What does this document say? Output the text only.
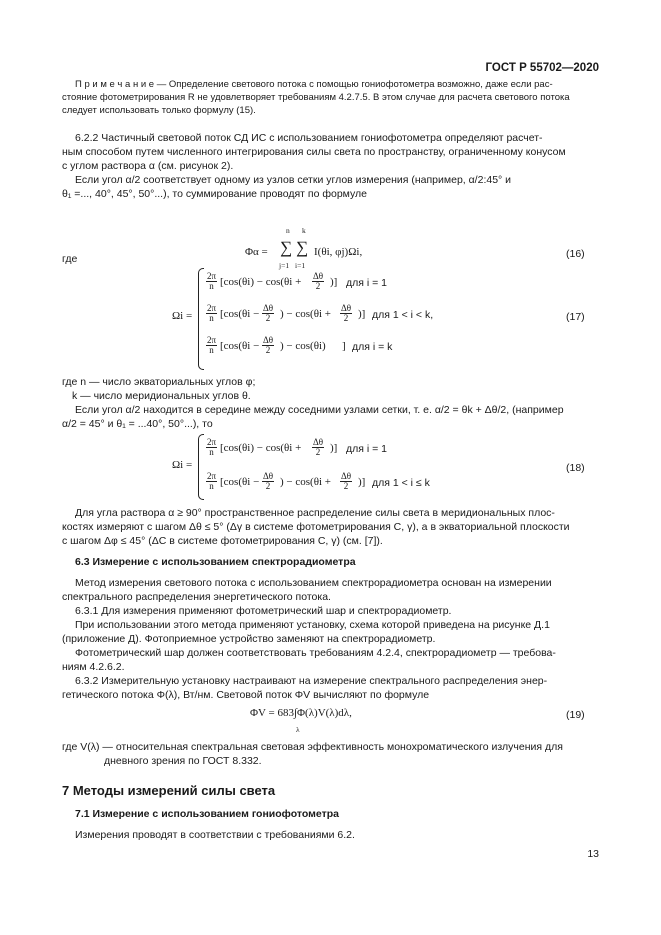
ГОСТ Р 55702—2020
П р и м е ч а н и е — Определение светового потока с помощью гониофотометра возможно, даже если рас-
стояние фотометрирования R не удовлетворяет требованиям 4.2.7.5. В этом случае для расчета светового потока
следует использовать только формулу (15).
6.2.2 Частичный световой поток СД ИС с использованием гониофотометра определяют расчет-
ным способом путем численного интегрирования силы света по пространству, ограниченному конусом
с углом раствора α (см. рисунок 2).
Если угол α/2 соответствует одному из узлов сетки углов измерения (например, α/2:45° и
θ₁ =..., 40°, 45°, 50°...), то суммирование проводят по формуле
Φα =
n
∑
j=1
k
∑
i=1
I(θi, φj)Ωi,	(16)
где
Ωi =
2π
n [cos(θi) − cos(θi + Δθ
2 )] для i = 1
2π
n [cos(θi − Δθ
2 ) − cos(θi + Δθ
2 )] для 1 < i < k,
2π
n [cos(θi − Δθ
2 ) − cos(θi) ] для i = k
(17)
где n — число экваториальных углов φ;
k — число меридиональных углов θ.
Если угол α/2 находится в середине между соседними узлами сетки, т. е. α/2 = θk + Δθ/2, (например
α/2 = 45° и θ₁ = ...40°, 50°...), то
Ωi =
2π
n [cos(θi) − cos(θi + Δθ
2 )] для i = 1
2π
n [cos(θi − Δθ
2 ) − cos(θi + Δθ
2 )] для 1 < i ≤ k
(18)
Для угла раствора α ≥ 90° пространственное распределение силы света в меридиональных плос-
костях измеряют с шагом Δθ ≤ 5° (Δγ в системе фотометрирования C, γ), а в экваториальной плоскости
с шагом Δφ ≤ 45° (ΔC в системе фотометрирования C, γ) (см. [7]).
6.3 Измерение с использованием спектрорадиометра
Метод измерения светового потока с использованием спектрорадиометра основан на измерении
спектрального распределения энергетического потока.
6.3.1 Для измерения применяют фотометрический шар и спектрорадиометр.
При использовании этого метода применяют установку, схема которой приведена на рисунке Д.1
(приложение Д). Фотоприемное устройство заменяют на спектрорадиометр.
Фотометрический шар должен соответствовать требованиям 4.2.4, спектрорадиометр — требова-
ниям 4.2.6.2.
6.3.2 Измерительную установку настраивают на измерение спектрального распределения энер-
гетического потока Φ(λ), Вт/нм. Световой поток ΦV вычисляют по формуле
ΦV = 683∫Φ(λ)V(λ)dλ,
λ
(19)
где V(λ) — относительная спектральная световая эффективность монохроматического излучения для
дневного зрения по ГОСТ 8.332.
7 Методы измерений силы света
7.1 Измерение с использованием гониофотометра
Измерения проводят в соответствии с требованиями 6.2.
13
